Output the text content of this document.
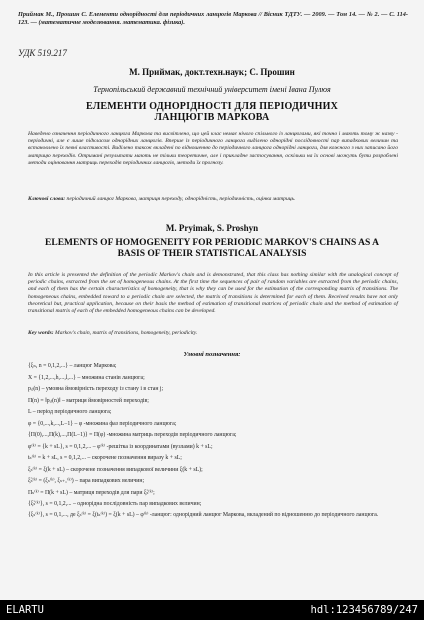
Приймак М., Прошин С. Елементи однорідності для періодичних ланцюгів Маркова // Вісник ТДТУ. — 2009. — Том 14. — № 2. — С. 114-123. — (математичне моделювання. математика. фізика).
УДК 519.217
М. Приймак, докт.техн.наук; С. Прошин
Тернопільський державний технічний університет імені Івана Пулюя
ЕЛЕМЕНТИ ОДНОРІДНОСТІ ДЛЯ ПЕРІОДИЧНИХ ЛАНЦЮГІВ МАРКОВА
Наведено означення періодичного ланцюга Маркова та висвітлено, що цей клас немає нічого спільного із ланцюгами, які точно і мають тому ж назву - періодичні, але є лише підкласом однорідних ланцюгів. Вперше із періодичного ланцюга виділено однорідні послідовності пар випадкових величин та встановлено їх певні властивості. Виділено також вкладені по відношенню до періодичного ланцюга однорідні ланцюги, для кожного з них записано його матрицю переходів. Отримані результати мають не тільки теоретичне, але і прикладне застосування, оскільки на їх основі можуть бути розроблені методи оцінювання матриць переходів періодичних ланцюгів, методи їх прогнозу.
Ключові слова: періодичний ланцюг Маркова, матриця переходу, однорідність, періодичність, оцінка матриць.
M. Pryimak, S. Proshyn
ELEMENTS OF HOMOGENEITY FOR PERIODIC MARKOV'S CHAINS AS A BASIS OF THEIR STATISTICAL ANALYSIS
In this article is presented the definition of the periodic Markov's chain and is demonstrated, that this class has nothing similar with the unalogical concept of periodic chains, extracted from the set of homogeneous chains. At the first time the sequences of pair of random variables are extracted from the periodic chains, and each of them has the certain characteristics of homogeneity, that is why they can be used for the estimation of the corresponding matrix of transitions. The homogeneous chains, embedded toward to a periodic chain are selected, the matrix of transitions is determined for each of them. Received results have not only theoretical but, practical application, because on their basis the method of estimation of transitional matrices of periodic chain and the method of estimation of transitional matrix of each of the embedded homogeneous chains can be developed.
Key words: Markov's chain, matrix of transitions, homogeneity, periodicity.
Умовні позначення:
{ξₙ, n = 0,1,2,...} – ланцюг Маркова;
X = {1,2,...,h,...,l,...} – множина станів ланцюга;
pᵢⱼ(n) – умовна ймовірність переходу із стану i в стан j;
Π(n) = ‖pᵢⱼ(n)‖ – матриця ймовірностей переходів;
L – період періодичного ланцюга;
φ = {0,...,k,...,L−1} – φ -множина фаз періодичного ланцюга;
{Π(0),...,Π(k),...,Π(L−1)} = Π(φ) -множина матриць переходів періодичного ланцюга;
φ⁽ᵏ⁾ = {k + sL}, s = 0,1,2,... – φ⁽ᵏ⁾ -решітка із координатами (вузлами) k + sL;
tₛ⁽ᵏ⁾ = k + sL, s = 0,1,2,... – скорочене позначення виразу k + sL;
ξₛ⁽ᵏ⁾ = ξ(k + sL) – скорочене позначення випадкової величини ξ(k + sL);
ξ̃ₛ⁽ᵏ⁾ = (ξₛ⁽ᵏ⁾, ξₛ₊₁⁽ᵏ⁾) – пара випадкових величин;
Πₛ⁽ᵏ⁾ = Π(k + sL) – матриця переходів для пари ξ̃ₛ⁽ᵏ⁾;
{ξ̃ₛ⁽ᵏ⁾}, s = 0,1,2,... – однорідна послідовність пар випадкових величин;
{ξₛ⁽ᵏ⁾}, s = 0,1,..., де ξₛ⁽ᵏ⁾ = ξ(tₛ⁽ᵏ⁾) = ξ(k + sL) – φ⁽ᵏ⁾ -ланцюг: однорідний ланцюг Маркова, вкладений по відношенню до періодичного ланцюга.
ELARTU	hdl:123456789/247
